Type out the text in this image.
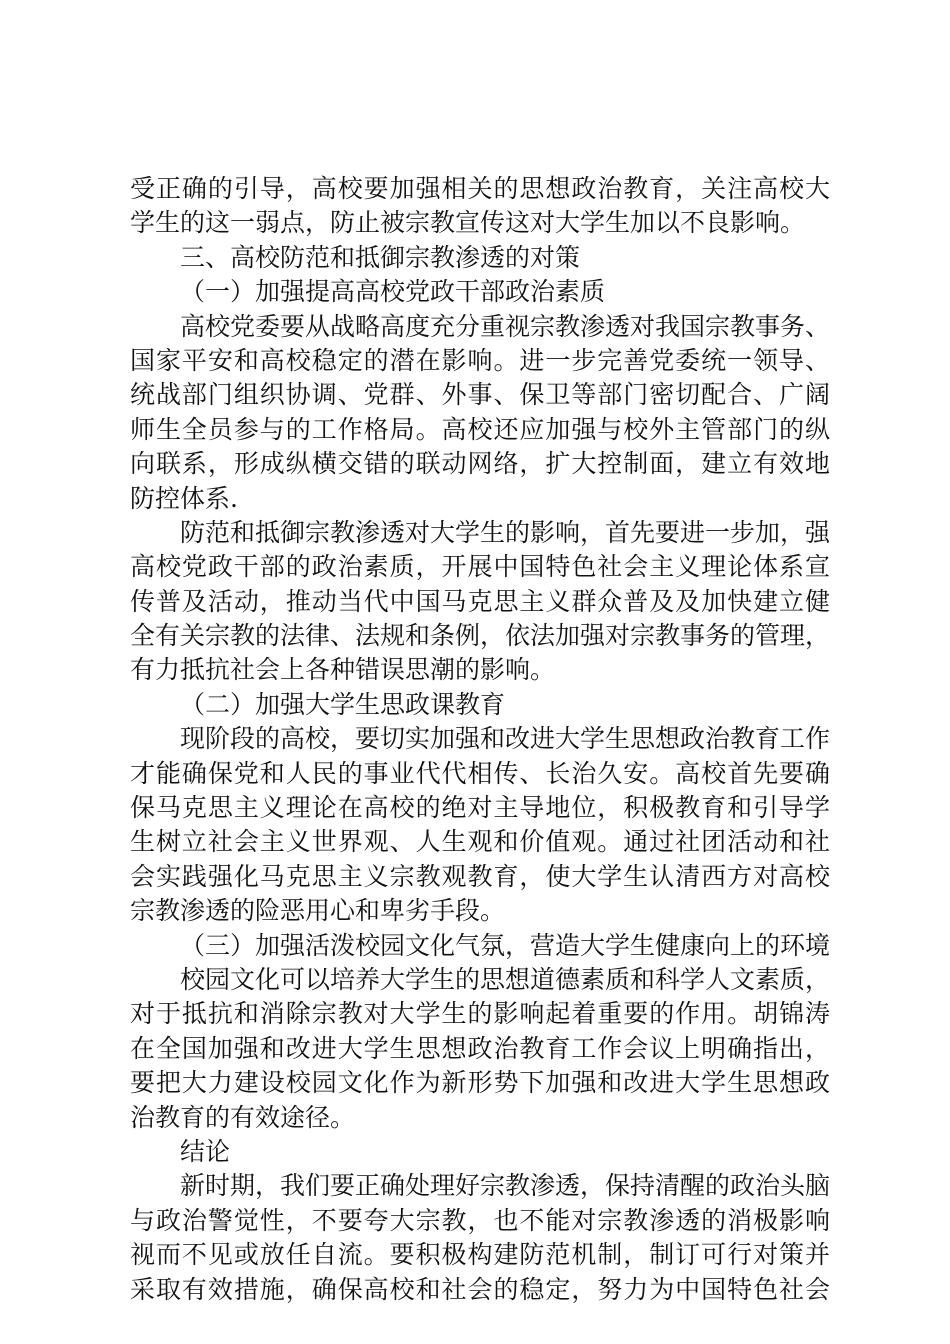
受正确的引导，高校要加强相关的思想政治教育，关注高校大
学生的这一弱点，防止被宗教宣传这对大学生加以不良影响。
三、高校防范和抵御宗教渗透的对策
（一）加强提高高校党政干部政治素质
高校党委要从战略高度充分重视宗教渗透对我国宗教事务、
国家平安和高校稳定的潜在影响。进一步完善党委统一领导、
统战部门组织协调、党群、外事、保卫等部门密切配合、广阔
师生全员参与的工作格局。高校还应加强与校外主管部门的纵
向联系，形成纵横交错的联动网络，扩大控制面，建立有效地
防控体系.
防范和抵御宗教渗透对大学生的影响，首先要进一步加，强
高校党政干部的政治素质，开展中国特色社会主义理论体系宣
传普及活动，推动当代中国马克思主义群众普及及加快建立健
全有关宗教的法律、法规和条例，依法加强对宗教事务的管理，
有力抵抗社会上各种错误思潮的影响。
（二）加强大学生思政课教育
现阶段的高校，要切实加强和改进大学生思想政治教育工作
才能确保党和人民的事业代代相传、长治久安。高校首先要确
保马克思主义理论在高校的绝对主导地位，积极教育和引导学
生树立社会主义世界观、人生观和价值观。通过社团活动和社
会实践强化马克思主义宗教观教育，使大学生认清西方对高校
宗教渗透的险恶用心和卑劣手段。
（三）加强活泼校园文化气氛，营造大学生健康向上的环境
校园文化可以培养大学生的思想道德素质和科学人文素质，
对于抵抗和消除宗教对大学生的影响起着重要的作用。胡锦涛
在全国加强和改进大学生思想政治教育工作会议上明确指出，
要把大力建设校园文化作为新形势下加强和改进大学生思想政
治教育的有效途径。
结论
新时期，我们要正确处理好宗教渗透，保持清醒的政治头脑
与政治警觉性，不要夸大宗教，也不能对宗教渗透的消极影响
视而不见或放任自流。要积极构建防范机制，制订可行对策并
采取有效措施，确保高校和社会的稳定，努力为中国特色社会
